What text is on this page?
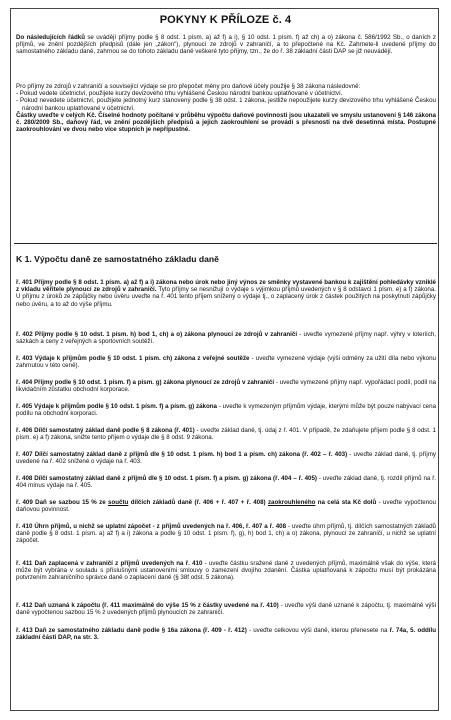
POKYNY K PŘÍLOZE č. 4

Do následujících řádků se uvádějí příjmy podle § 8 odst. 1 písm. a) až f) a i), § 10 odst. 1 písm. f) až ch) a o) zákona č. 586/1992 Sb., o daních z příjmů, ve znění pozdějších předpisů (dále jen „zákon"), plynoucí ze zdrojů v zahraničí, a to přepočtené na Kč. Zahrnete-li uvedené příjmy do samostatného základu daně, zahrnou se do tohoto základu daně veškeré tyto příjmy, tzn., že do ř. 38 základní části DAP se již neuvádějí.

Pro příjmy ze zdrojů v zahraničí a související výdaje se pro přepočet měny pro daňové účely použije § 38 zákona následovně:

- Pokud vedete účetnictví, použijete kurzy devizového trhu vyhlášené Českou národní bankou uplatňované v účetnictví.

- Pokud nevedete účetnictví, použijete jednotný kurz stanovený podle § 38 odst. 1 zákona, jestliže nepoužijete kurzy devizového trhu vyhlášené Českou národní bankou uplatňované v účetnictví.

Částky uveďte v celých Kč. Číselné hodnoty počítané v průběhu výpočtu daňové povinnosti jsou ukazateli ve smyslu ustanovení § 146 zákona č. 280/2009 Sb., daňový řád, ve znění pozdějších předpisů a jejich zaokrouhlení se provádí s přesností na dvě desetinná místa. Postupné zaokrouhlování ve dvou nebo více stupních je nepřípustné.

K 1. Výpočtu daně ze samostatného základu daně

ř. 401 Příjmy podle § 8 odst. 1 písm. a) až f) a i) zákona nebo úrok nebo jiný výnos ze směnky vystavené bankou k zajištění pohledávky vzniklé z vkladu věřitele plynoucí ze zdrojů v zahraničí. Tyto příjmy se nesnižují o výdaje s výjimkou příjmů uvedených v § 8 odstavci 1 písm. e) a f) zákona. U příjmu z úroků ze zápůjčky nebo úvěru uveďte na ř. 401 tento příjem snížený o výdaje tj., o zaplacený úrok z částek použitých na poskytnutí zápůjčky nebo úvěru, a to až do výše příjmu.

ř. 402 Příjmy podle § 10 odst. 1 písm. h) bod 1, ch) a o) zákona plynoucí ze zdrojů v zahraničí - uveďte vymezené příjmy např. výhry v loteriích, sázkách a ceny z veřejných a sportovních soutěží.

ř. 403 Výdaje k příjmům podle § 10 odst. 1 písm. ch) zákona z veřejné soutěže - uveďte vymezené výdaje (výši odměny za užití díla nebo výkonu zahrnutou v této ceně).

ř. 404 Příjmy podle § 10 odst. 1 písm. f) a písm. g) zákona plynoucí ze zdrojů v zahraničí - uveďte vymezené příjmy např. vypořádací podíl, podíl na likvidačním zůstatku obchodní korporace.

ř. 405 Výdaje k příjmům podle § 10 odst. 1 písm. f) a písm. g) zákona - uveďte k vymezeným příjmům výdaje, kterými může být pouze nabývací cena podílu na obchodní korporaci.

ř. 406 Dílčí samostatný základ daně podle § 8 zákona (ř. 401) - uveďte základ daně, tj. údaj z ř. 401. V případě, že zdaňujete příjem podle § 8 odst. 1 písm. e) a f) zákona, snižte tento příjem o výdaje dle § 8 odst. 9 zákona.

ř. 407 Dílčí samostatný základ daně z příjmů dle § 10 odst. 1 písm. h) bod 1 a písm. ch) zákona (ř. 402 – ř. 403) - uveďte základ daně, tj. příjmy uvedené na ř. 402 snížené o výdaje na ř. 403.

ř. 408 Dílčí samostatný základ daně z příjmů dle § 10 odst. 1 písm. f) a písm. g) zákona (ř. 404 – ř. 405) - uveďte základ daně, tj. rozdíl příjmů na ř. 404 mínus výdaje na ř. 405.

ř. 409 Daň se sazbou 15 % ze součtu dílčích základů daně (ř. 406 + ř. 407 + ř. 408) zaokrouhleného na celá sta Kč dolů - uveďte vypočtenou daňovou povinnost.

ř. 410 Úhrn příjmů, u nichž se uplatní zápočet - z příjmů uvedených na ř. 406, ř. 407 a ř. 408 - uveďte úhrn příjmů, tj. dílčích samostatných základů daně podle § 8 odst. 1 písm. a) až f) a i) zákona a podle § 10 odst. 1 písm. f), g), h) bod 1, ch) a o) zákona, plynoucí ze zahraničí, u nichž se uplatní zápočet.

ř. 411 Daň zaplacená v zahraničí z příjmů uvedených na ř. 410 - uveďte částku sražené daně z uvedených příjmů, maximálně však do výše, která může být vybrána v souladu s příslušnými ustanoveními smlouvy o zamezení dvojího zdanění. Částka uplatňovaná k zápočtu musí být prokázána potvrzením zahraničního správce daně o zaplacení daně (§ 38f odst. 5 zákona).

ř. 412 Daň uznaná k zápočtu (ř. 411 maximálně do výše 15 % z částky uvedené na ř. 410) - uveďte výši daně uznané k zápočtu, tj. maximálně výši daně vypočtenou sazbou 15 % z uvedených příjmů plynoucích ze zahraničí.

ř. 413 Daň ze samostatného základu daně podle § 16a zákona (ř. 409 - ř. 412) - uveďte celkovou výši daně, kterou přenesete na ř. 74a, 5. oddílu základní části DAP, na str. 3.
